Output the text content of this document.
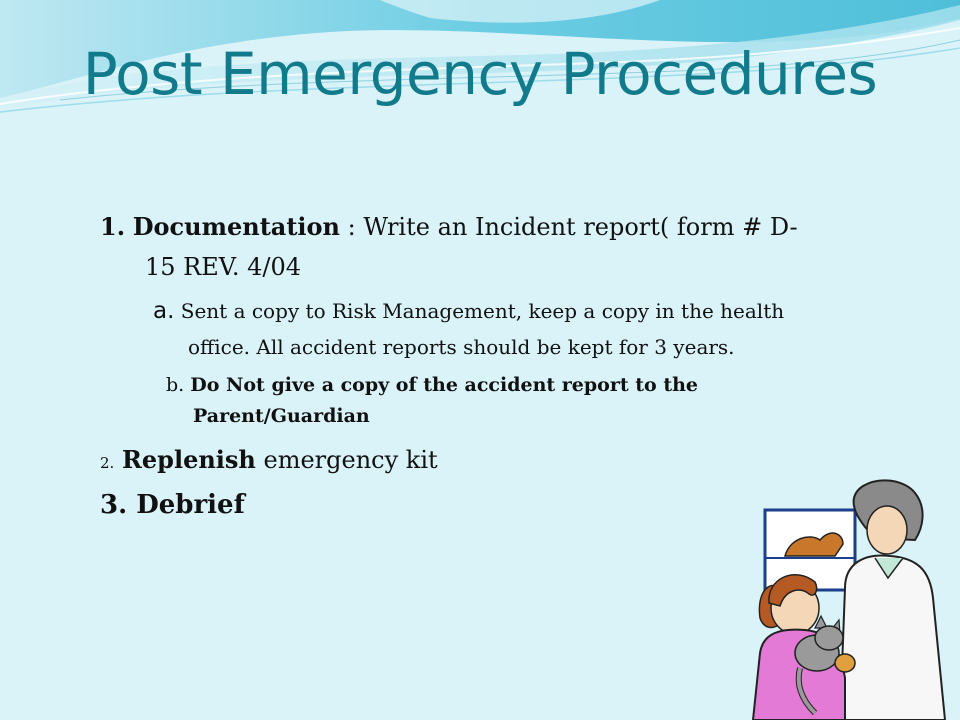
Post Emergency Procedures
1. Documentation : Write an Incident report( form # D-
15 REV. 4/04
a. Sent a copy to Risk Management, keep a copy in the health
office. All accident reports should be kept for 3 years.
b. Do Not give a copy of the accident report to the
Parent/Guardian
2. Replenish emergency kit
3. Debrief
